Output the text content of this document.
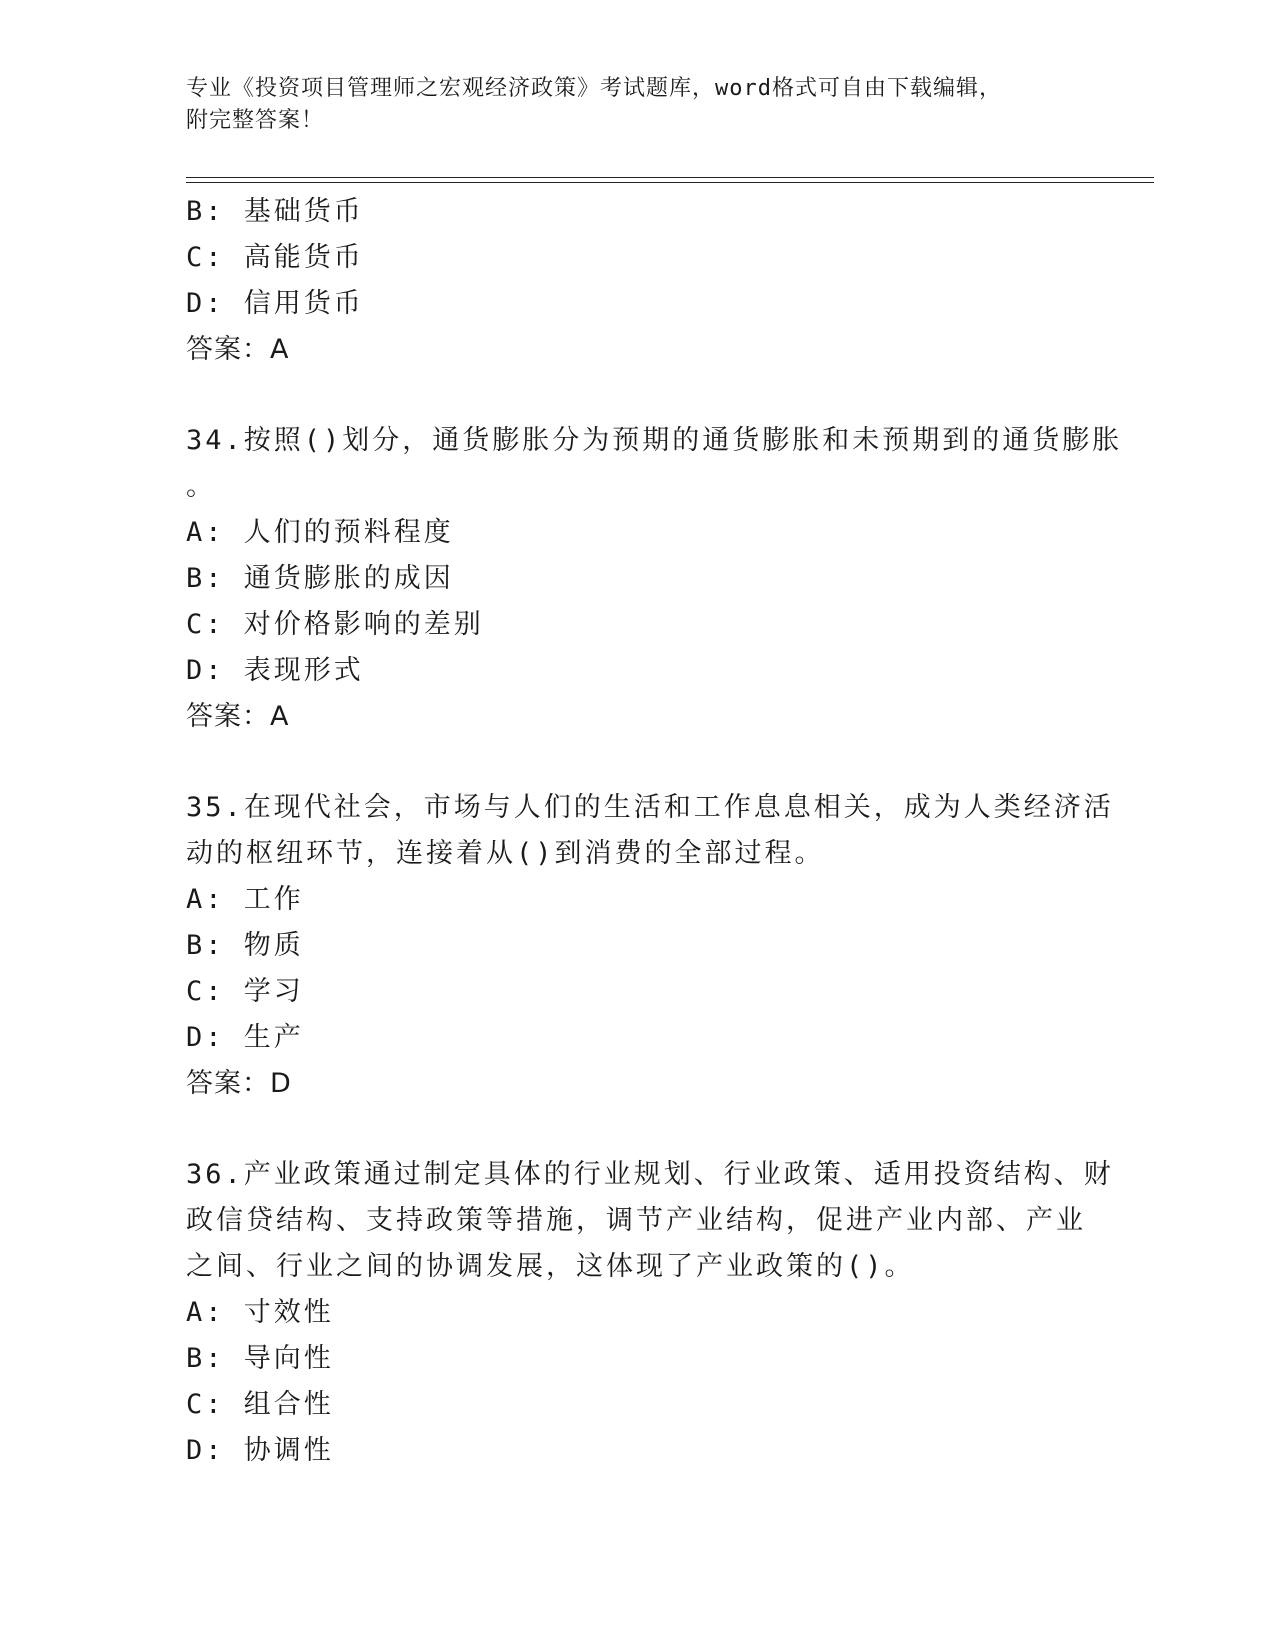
专业《投资项目管理师之宏观经济政策》考试题库，word格式可自由下载编辑，
附完整答案！
B: 基础货币
C: 高能货币
D: 信用货币
答案：A
34.按照()划分，通货膨胀分为预期的通货膨胀和未预期到的通货膨胀
。
A: 人们的预料程度
B: 通货膨胀的成因
C: 对价格影响的差别
D: 表现形式
答案：A
35.在现代社会，市场与人们的生活和工作息息相关，成为人类经济活
动的枢纽环节，连接着从()到消费的全部过程。
A: 工作
B: 物质
C: 学习
D: 生产
答案：D
36.产业政策通过制定具体的行业规划、行业政策、适用投资结构、财
政信贷结构、支持政策等措施，调节产业结构，促进产业内部、产业
之间、行业之间的协调发展，这体现了产业政策的()。
A: 寸效性
B: 导向性
C: 组合性
D: 协调性
